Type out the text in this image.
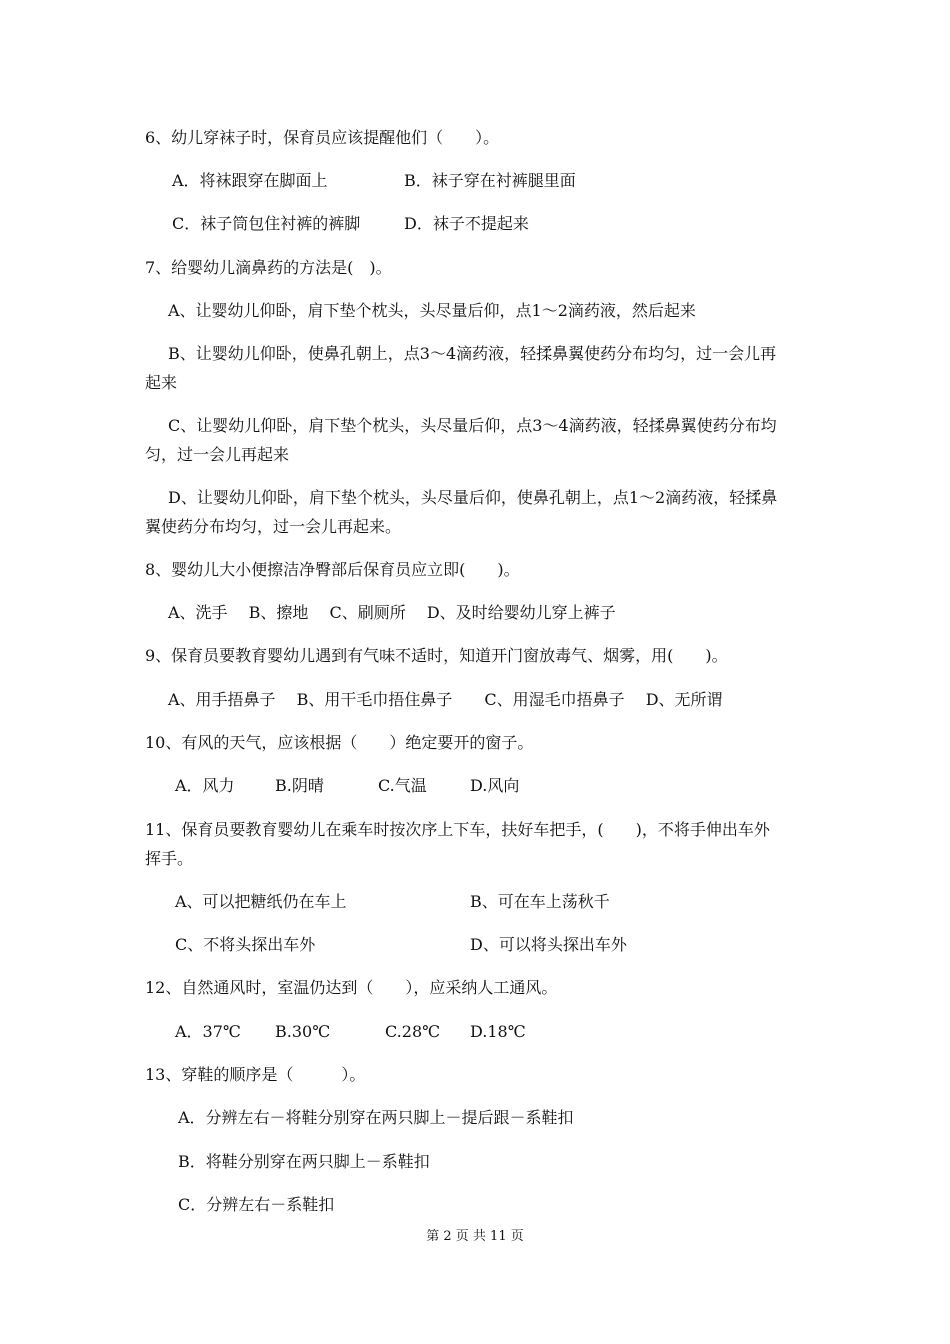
6、幼儿穿袜子时，保育员应该提醒他们（　　）。
A．将袜跟穿在脚面上	B．袜子穿在衬裤腿里面
C．袜子筒包住衬裤的裤脚	D．袜子不提起来
7、给婴幼儿滴鼻药的方法是(　)。
A、让婴幼儿仰卧，肩下垫个枕头，头尽量后仰，点1～2滴药液，然后起来
B、让婴幼儿仰卧，使鼻孔朝上，点3～4滴药液，轻揉鼻翼使药分布均匀，过一会儿再
起来
C、让婴幼儿仰卧，肩下垫个枕头，头尽量后仰，点3～4滴药液，轻揉鼻翼使药分布均
匀，过一会儿再起来
D、让婴幼儿仰卧，肩下垫个枕头，头尽量后仰，使鼻孔朝上，点1～2滴药液，轻揉鼻
翼使药分布均匀，过一会儿再起来。
8、婴幼儿大小便擦洁净臀部后保育员应立即(　　)。
A、洗手　 B、擦地　 C、刷厕所　 D、及时给婴幼儿穿上裤子
9、保育员要教育婴幼儿遇到有气味不适时，知道开门窗放毒气、烟雾，用(　　)。
A、用手捂鼻子　 B、用干毛巾捂住鼻子　　C、用湿毛巾捂鼻子　 D、无所谓
10、有风的天气，应该根据（　　）绝定要开的窗子。
A．风力	B.阴晴	C.气温	D.风向
11、保育员要教育婴幼儿在乘车时按次序上下车，扶好车把手，(　　)，不将手伸出车外
挥手。
A、可以把糖纸仍在车上	B、可在车上荡秋千
C、不将头探出车外	D、可以将头探出车外
12、自然通风时，室温仍达到（　　），应采纳人工通风。
A．37℃ B.30℃	C.28℃ D.18℃
13、穿鞋的顺序是（　　　）。
A．分辨左右－将鞋分别穿在两只脚上－提后跟－系鞋扣
B．将鞋分别穿在两只脚上－系鞋扣
C．分辨左右－系鞋扣
第 2 页 共 11 页
